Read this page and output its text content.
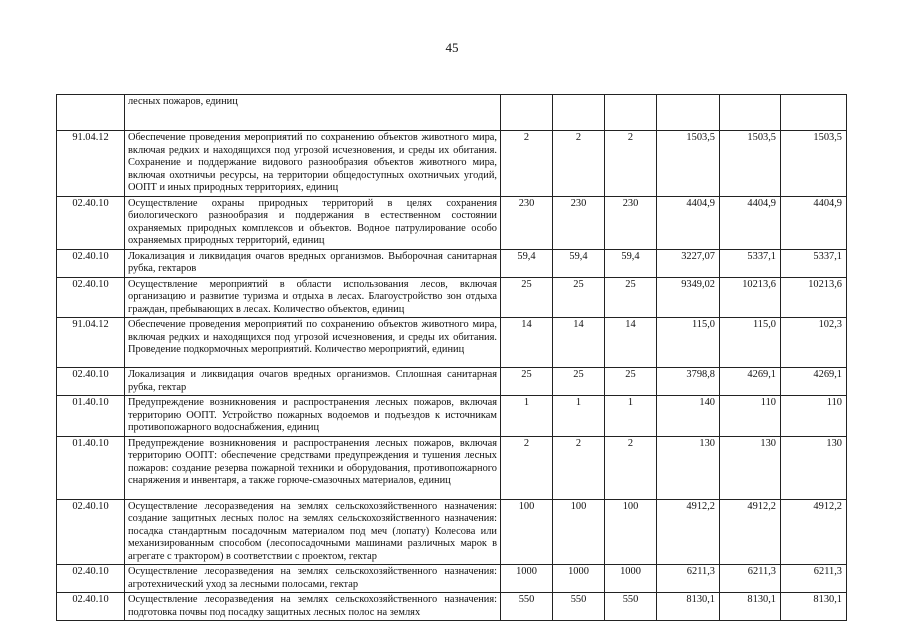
45
	лесных пожаров, единиц						
91.04.12	Обеспечение проведения мероприятий по сохранению объектов животного мира, включая редких и находящихся под угрозой исчезновения, и среды их обитания. Сохранение и поддержание видового разнообразия объектов животного мира, включая охотничьи ресурсы, на территории общедоступных охотничьих угодий, ООПТ и иных природных территориях, единиц	2	2	2	1503,5	1503,5	1503,5
02.40.10	Осуществление охраны природных территорий в целях сохранения биологического разнообразия и поддержания в естественном состоянии охраняемых природных комплексов и объектов. Водное патрулирование особо охраняемых природных территорий, единиц	230	230	230	4404,9	4404,9	4404,9
02.40.10	Локализация и ликвидация очагов вредных организмов. Выборочная санитарная рубка, гектаров	59,4	59,4	59,4	3227,07	5337,1	5337,1
02.40.10	Осуществление мероприятий в области использования лесов, включая организацию и развитие туризма и отдыха в лесах. Благоустройство зон отдыха граждан, пребывающих в лесах. Количество объектов, единиц	25	25	25	9349,02	10213,6	10213,6
91.04.12	Обеспечение проведения мероприятий по сохранению объектов животного мира, включая редких и находящихся под угрозой исчезновения, и среды их обитания. Проведение подкормочных мероприятий. Количество мероприятий, единиц	14	14	14	115,0	115,0	102,3
02.40.10	Локализация и ликвидация очагов вредных организмов. Сплошная санитарная рубка, гектар	25	25	25	3798,8	4269,1	4269,1
01.40.10	Предупреждение возникновения и распространения лесных пожаров, включая территорию ООПТ. Устройство пожарных водоемов и подъездов к источникам противопожарного водоснабжения, единиц	1	1	1	140	110	110
01.40.10	Предупреждение возникновения и распространения лесных пожаров, включая территорию ООПТ: обеспечение средствами предупреждения и тушения лесных пожаров: создание резерва пожарной техники и оборудования, противопожарного снаряжения и инвентаря, а также горюче-смазочных материалов, единиц	2	2	2	130	130	130
02.40.10	Осуществление лесоразведения на землях сельскохозяйственного назначения: создание защитных лесных полос на землях сельскохозяйственного назначения: посадка стандартным посадочным материалом под меч (лопату) Колесова или механизированным способом (лесопосадочными машинами различных марок в агрегате с трактором) в соответствии с проектом, гектар	100	100	100	4912,2	4912,2	4912,2
02.40.10	Осуществление лесоразведения на землях сельскохозяйственного назначения: агротехнический уход за лесными полосами, гектар	1000	1000	1000	6211,3	6211,3	6211,3
02.40.10	Осуществление лесоразведения на землях сельскохозяйственного назначения: подготовка почвы под посадку защитных лесных полос на землях	550	550	550	8130,1	8130,1	8130,1
